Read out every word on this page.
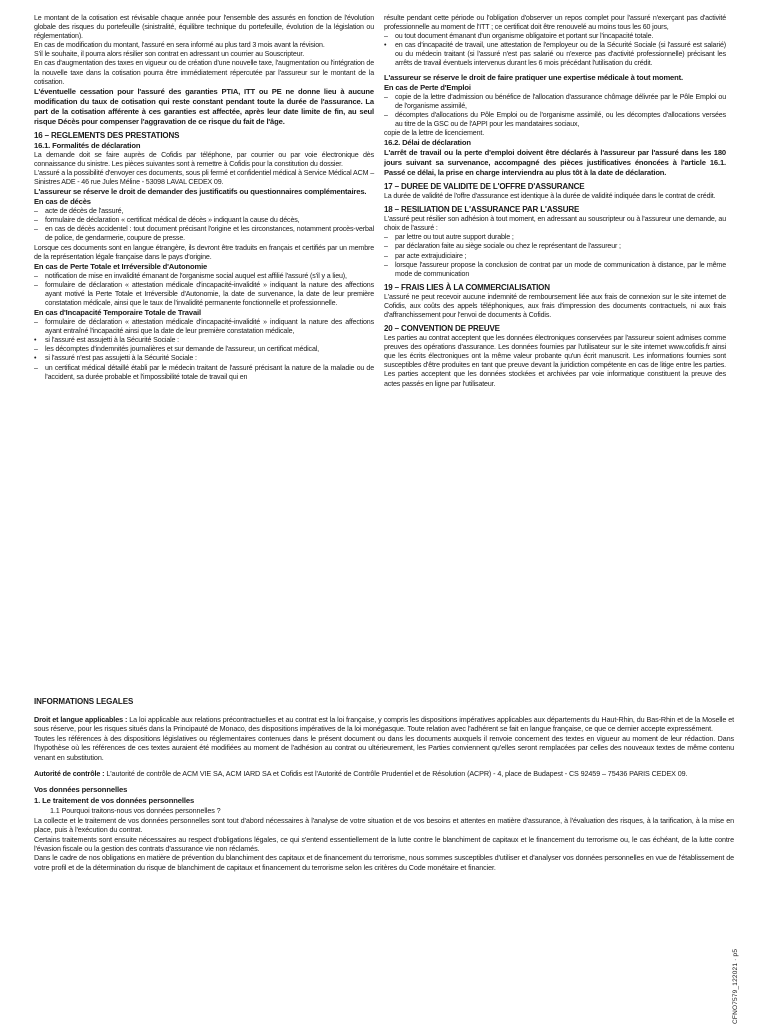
Le montant de la cotisation est révisable chaque année pour l'ensemble des assurés en fonction de l'évolution globale des risques du portefeuille (sinistralité, équilibre technique du portefeuille, évolution de la législation ou réglementation).

En cas de modification du montant, l'assuré en sera informé au plus tard 3 mois avant la révision.

S'il le souhaite, il pourra alors résilier son contrat en adressant un courrier au Souscripteur.

En cas d'augmentation des taxes en vigueur ou de création d'une nouvelle taxe, l'augmentation ou l'intégration de la nouvelle taxe dans la cotisation pourra être immédiatement répercutée par l'assureur sur le montant de la cotisation.

L'éventuelle cessation pour l'assuré des garanties PTIA, ITT ou PE ne donne lieu à aucune modification du taux de cotisation qui reste constant pendant toute la durée de l'assurance. La part de la cotisation afférente à ces garanties est affectée, après leur date limite de fin, au seul risque Décès pour compenser l'aggravation de ce risque du fait de l'âge.

16 – REGLEMENTS DES PRESTATIONS
16.1. Formalités de déclaration

La demande doit se faire auprès de Cofidis par téléphone, par courrier ou par voie électronique dès connaissance du sinistre. Les pièces suivantes sont à remettre à Cofidis pour la constitution du dossier.

L'assuré a la possibilité d'envoyer ces documents, sous pli fermé et confidentiel médical à Service Médical ACM – Sinistres ADE - 46 rue Jules Méline - 53098 LAVAL CEDEX 09.

L'assureur se réserve le droit de demander des justificatifs ou questionnaires complémentaires.

En cas de décès
– acte de décès de l'assuré,
– formulaire de déclaration « certificat médical de décès » indiquant la cause du décès,
– en cas de décès accidentel : tout document précisant l'origine et les circonstances, notamment procès-verbal de police, de gendarmerie, coupure de presse.

Lorsque ces documents sont en langue étrangère, ils devront être traduits en français et certifiés par un membre de la représentation légale française dans le pays d'origine.

En cas de Perte Totale et Irréversible d'Autonomie
– notification de mise en invalidité émanant de l'organisme social auquel est affilié l'assuré (s'il y a lieu),
– formulaire de déclaration « attestation médicale d'incapacité-invalidité » indiquant la nature des affections ayant motivé la Perte Totale et Irréversible d'Autonomie, la date de survenance, la date de leur première constatation médicale, ainsi que le taux de l'invalidité permanente fonctionnelle et professionnelle.
En cas d'Incapacité Temporaire Totale de Travail
– formulaire de déclaration « attestation médicale d'incapacité-invalidité » indiquant la nature des affections ayant entraîné l'incapacité ainsi que la date de leur première constatation médicale,
• si l'assuré est assujetti à la Sécurité Sociale :
– les décomptes d'indemnités journalières et sur demande de l'assureur, un certificat médical,
• si l'assuré n'est pas assujetti à la Sécurité Sociale :
– un certificat médical détaillé établi par le médecin traitant de l'assuré précisant la nature de la maladie ou de l'accident, sa durée probable et l'impossibilité totale de travail qui en

résulte pendant cette période ou l'obligation d'observer un repos complet pour l'assuré n'exerçant pas d'activité professionnelle au moment de l'ITT ; ce certificat doit être renouvelé au moins tous les 60 jours,

– ou tout document émanant d'un organisme obligatoire et portant sur l'incapacité totale.
• en cas d'incapacité de travail, une attestation de l'employeur ou de la Sécurité Sociale (si l'assuré est salarié) ou du médecin traitant (si l'assuré n'est pas salarié ou n'exerce pas d'activité professionnelle) précisant les arrêts de travail éventuels intervenus durant les 6 mois précédant l'utilisation du crédit.

L'assureur se réserve le droit de faire pratiquer une expertise médicale à tout moment.

En cas de Perte d'Emploi
– copie de la lettre d'admission ou bénéfice de l'allocation d'assurance chômage délivrée par le Pôle Emploi ou de l'organisme assimilé,
– décomptes d'allocations du Pôle Emploi ou de l'organisme assimilé, ou les décomptes d'allocations versées au titre de la GSC ou de l'APPI pour les mandataires sociaux,

copie de la lettre de licenciement.

16.2. Délai de déclaration

L'arrêt de travail ou la perte d'emploi doivent être déclarés à l'assureur par l'assuré dans les 180 jours suivant sa survenance, accompagné des pièces justificatives énoncées à l'article 16.1. Passé ce délai, la prise en charge interviendra au plus tôt à la date de déclaration.

17 – DUREE DE VALIDITE DE L'OFFRE D'ASSURANCE

La durée de validité de l'offre d'assurance est identique à la durée de validité indiquée dans le contrat de crédit.

18 – RESILIATION DE L'ASSURANCE PAR L'ASSURE

L'assuré peut résilier son adhésion à tout moment, en adressant au souscripteur ou à l'assureur une demande, au choix de l'assuré :

– par lettre ou tout autre support durable ;
– par déclaration faite au siège sociale ou chez le représentant de l'assureur ;
– par acte extrajudiciaire ;
– lorsque l'assureur propose la conclusion de contrat par un mode de communication à distance, par le même mode de communication
19 – FRAIS LIES À LA COMMERCIALISATION

L'assuré ne peut recevoir aucune indemnité de remboursement liée aux frais de connexion sur le site internet de Cofidis, aux coûts des appels téléphoniques, aux frais d'impression des documents contractuels, ni aux frais d'affranchissement pour l'envoi de documents à Cofidis.

20 – CONVENTION DE PREUVE

Les parties au contrat acceptent que les données électroniques conservées par l'assureur soient admises comme preuves des opérations d'assurance. Les données fournies par l'utilisateur sur le site internet www.cofidis.fr ainsi que les écrits électroniques ont la même valeur probante qu'un écrit manuscrit. Les informations fournies sont susceptibles d'être produites en tant que preuve devant la juridiction compétente en cas de litige entre les parties. Les parties acceptent que les données stockées et archivées par voie informatique constituent la preuve des actes passés en ligne par l'utilisateur.

INFORMATIONS LEGALES

Droit et langue applicables : La loi applicable aux relations précontractuelles et au contrat est la loi française, y compris les dispositions impératives applicables aux départements du Haut-Rhin, du Bas-Rhin et de la Moselle et sous réserve, pour les risques situés dans la Principauté de Monaco, des dispositions impératives de la loi monégasque. Toute relation avec l'adhérent se fait en langue française, ce que ce dernier accepte expressément.

Toutes les références à des dispositions législatives ou réglementaires contenues dans le présent document ou dans les documents auxquels il renvoie concernent des textes en vigueur au moment de leur rédaction. Dans l'hypothèse où les références de ces textes auraient été modifiées au moment de l'adhésion au contrat ou ultérieurement, les Parties conviennent qu'elles seront remplacées par celles des nouveaux textes de même contenu venant en substitution.

Autorité de contrôle : L'autorité de contrôle de ACM VIE SA, ACM IARD SA et Cofidis est l'Autorité de Contrôle Prudentiel et de Résolution (ACPR) - 4, place de Budapest - CS 92459 – 75436 PARIS CEDEX 09.

Vos données personnelles

1. Le traitement de vos données personnelles

1.1 Pourquoi traitons-nous vos données personnelles ?

La collecte et le traitement de vos données personnelles sont tout d'abord nécessaires à l'analyse de votre situation et de vos besoins et attentes en matière d'assurance, à l'évaluation des risques, à la tarification, à la mise en place, puis à l'exécution du contrat.

Certains traitements sont ensuite nécessaires au respect d'obligations légales, ce qui s'entend essentiellement de la lutte contre le blanchiment de capitaux et le financement du terrorisme ou, le cas échéant, de la lutte contre l'évasion fiscale ou la gestion des contrats d'assurance vie non réclamés.

Dans le cadre de nos obligations en matière de prévention du blanchiment des capitaux et de financement du terrorisme, nous sommes susceptibles d'utiliser et d'analyser vos données personnelles en vue de l'établissement de votre profil et de la détermination du risque de blanchiment de capitaux et financement du terrorisme selon les critères du Code monétaire et financier.

CFNO7579_122021 · p5
